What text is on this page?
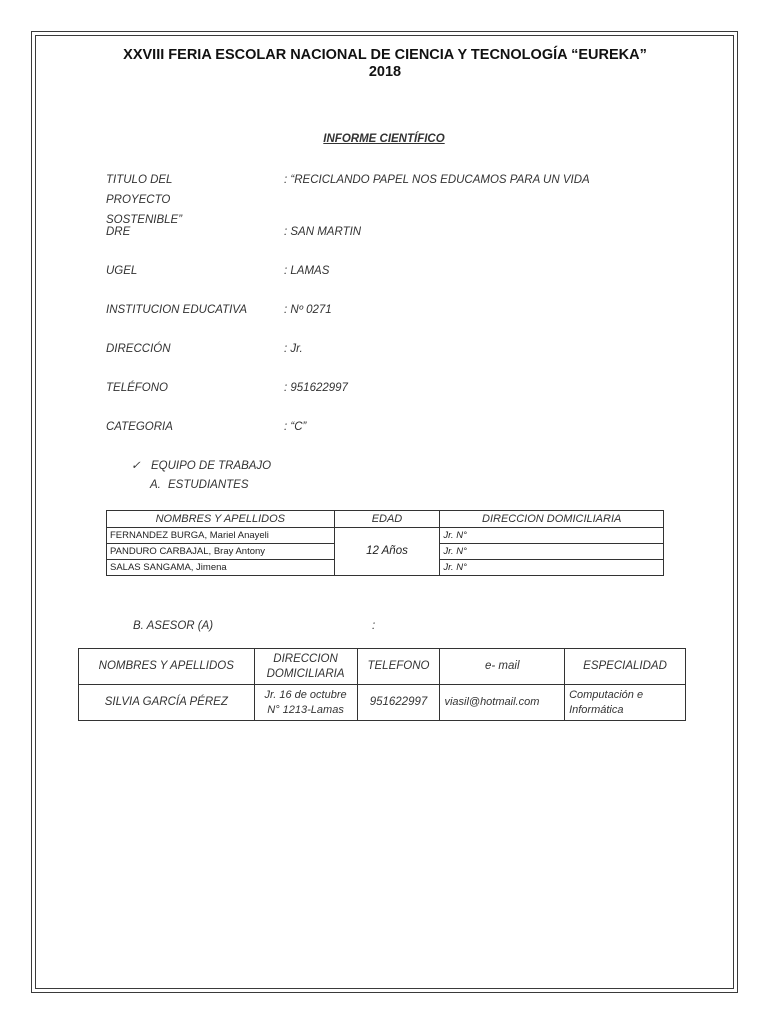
XXVIII FERIA ESCOLAR NACIONAL DE CIENCIA Y TECNOLOGÍA “EUREKA”
2018
INFORME CIENTÍFICO
TITULO DEL PROYECTO SOSTENIBLE”
: “RECICLANDO PAPEL NOS EDUCAMOS PARA UN VIDA
DRE	: SAN MARTIN
UGEL	: LAMAS
INSTITUCION EDUCATIVA	: Nº 0271
DIRECCIÓN	: Jr.
TELÉFONO	: 951622997
CATEGORIA	: “C”
✓ EQUIPO DE TRABAJO
A. ESTUDIANTES
NOMBRES Y APELLIDOS	EDAD	DIRECCION DOMICILIARIA
FERNANDEZ BURGA, Mariel Anayeli	12 Años	Jr. N°
PANDURO CARBAJAL, Bray Antony		Jr. N°
SALAS SANGAMA, Jimena		Jr. N°
B. ASESOR (A)	:
NOMBRES Y APELLIDOS	DIRECCION DOMICILIARIA	TELEFONO	e- mail	ESPECIALIDAD
SILVIA GARCÍA PÉREZ	Jr. 16 de octubre N° 1213-Lamas	951622997	viasil@hotmail.com	Computación e Informática
